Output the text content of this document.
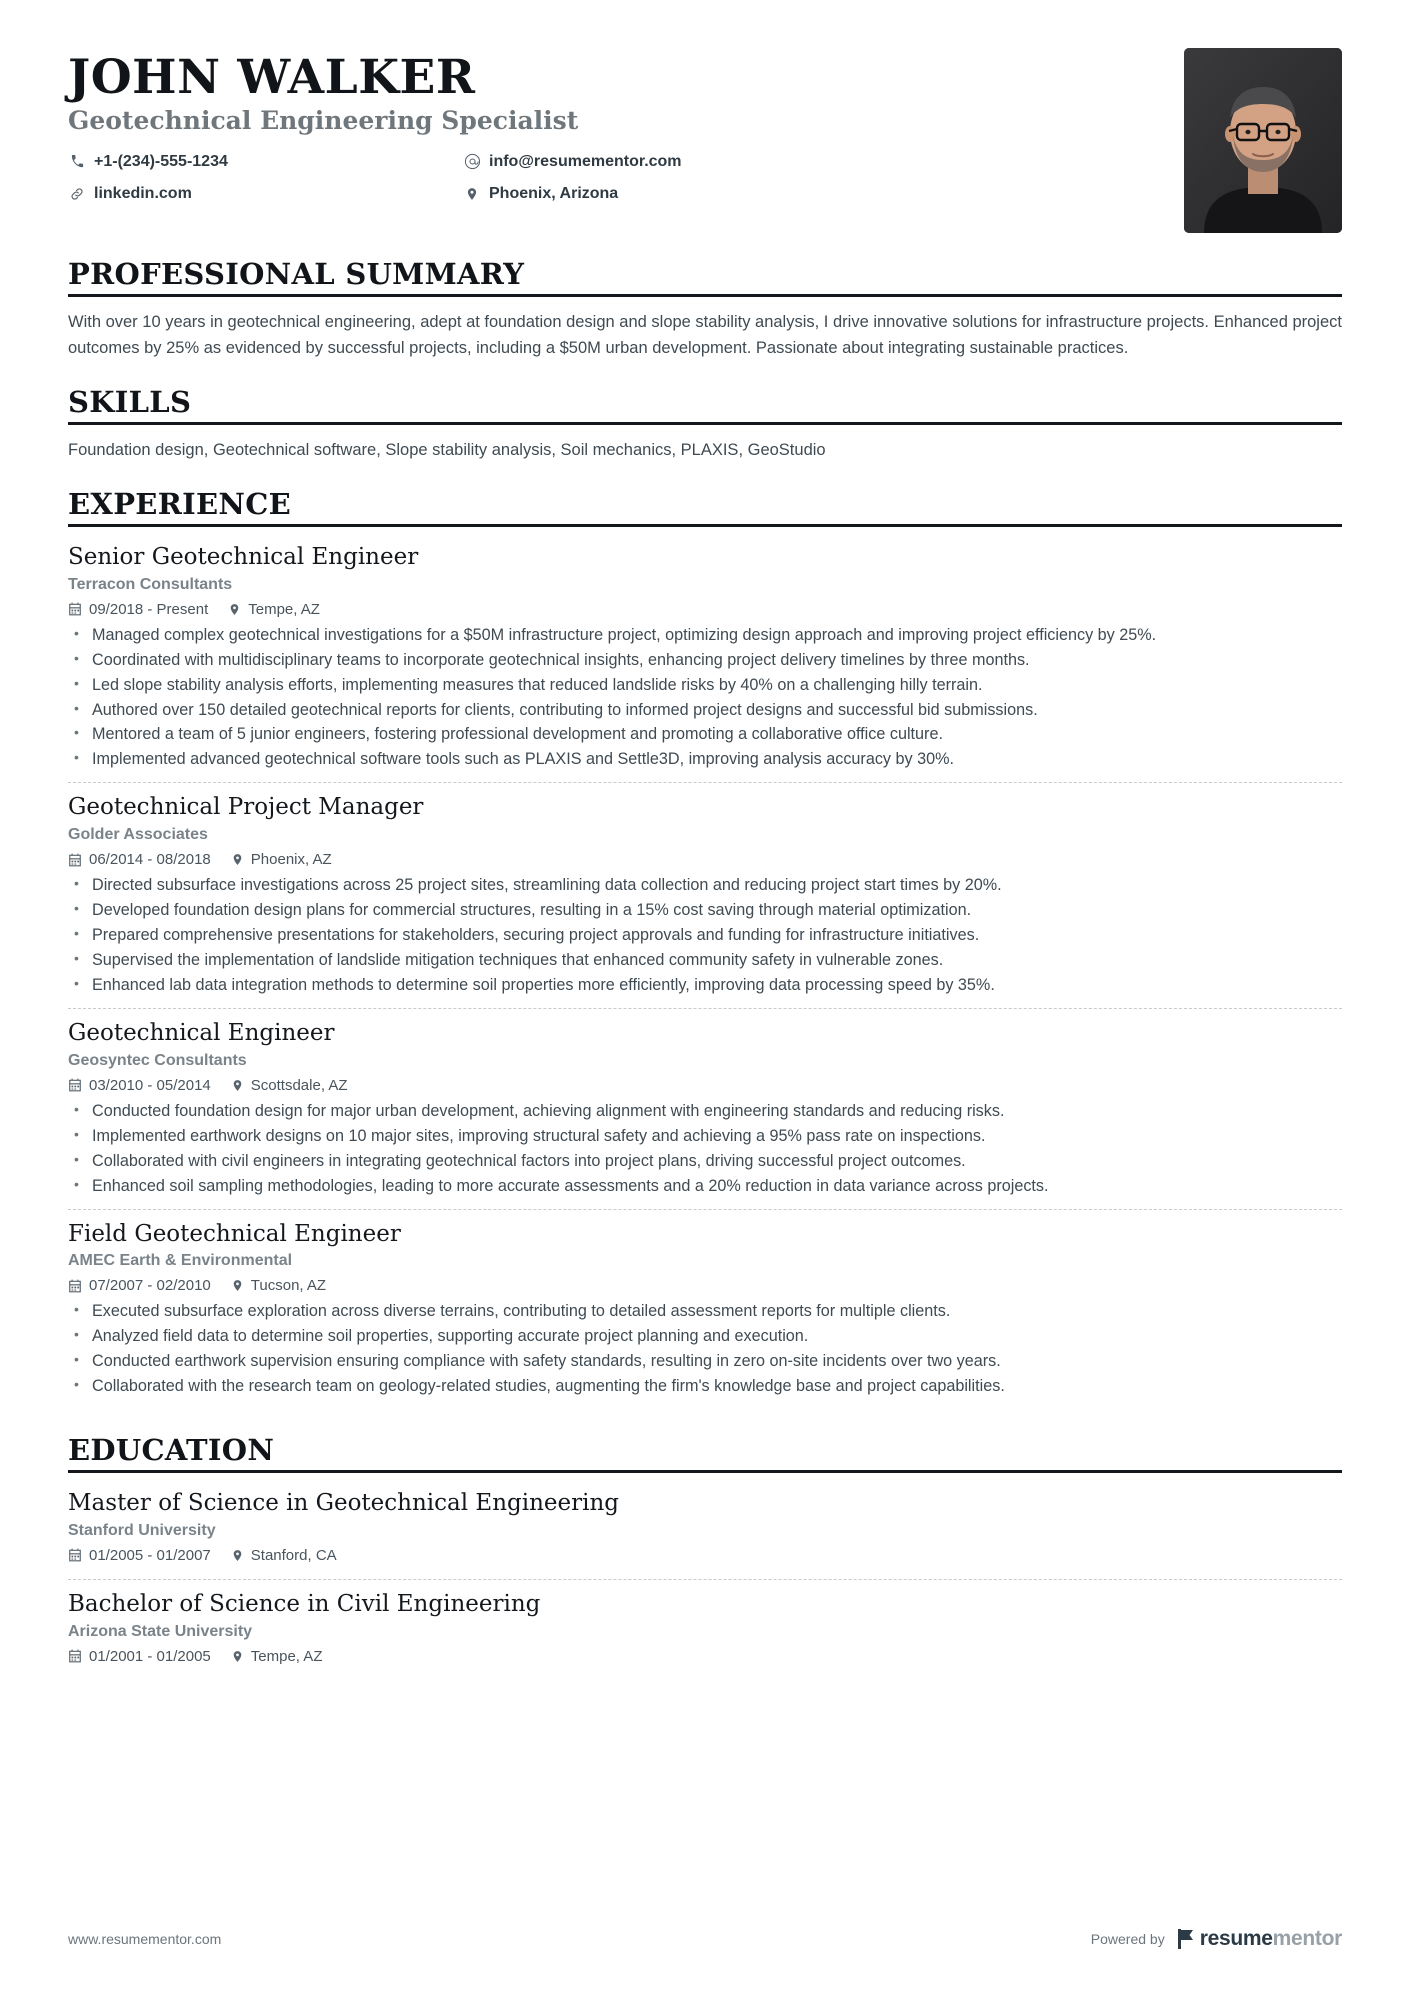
JOHN WALKER
Geotechnical Engineering Specialist
+1-(234)-555-1234	info@resumementor.com
linkedin.com	Phoenix, Arizona
PROFESSIONAL SUMMARY

With over 10 years in geotechnical engineering, adept at foundation design and slope stability analysis, I drive innovative solutions for infrastructure projects. Enhanced project outcomes by 25% as evidenced by successful projects, including a $50M urban development. Passionate about integrating sustainable practices.

SKILLS

Foundation design, Geotechnical software, Slope stability analysis, Soil mechanics, PLAXIS, GeoStudio

EXPERIENCE
Senior Geotechnical Engineer
Terracon Consultants
09/2018 - Present	Tempe, AZ
• Managed complex geotechnical investigations for a $50M infrastructure project, optimizing design approach and improving project efficiency by 25%.
• Coordinated with multidisciplinary teams to incorporate geotechnical insights, enhancing project delivery timelines by three months.
• Led slope stability analysis efforts, implementing measures that reduced landslide risks by 40% on a challenging hilly terrain.
• Authored over 150 detailed geotechnical reports for clients, contributing to informed project designs and successful bid submissions.
• Mentored a team of 5 junior engineers, fostering professional development and promoting a collaborative office culture.
• Implemented advanced geotechnical software tools such as PLAXIS and Settle3D, improving analysis accuracy by 30%.
Geotechnical Project Manager
Golder Associates
06/2014 - 08/2018	Phoenix, AZ
• Directed subsurface investigations across 25 project sites, streamlining data collection and reducing project start times by 20%.
• Developed foundation design plans for commercial structures, resulting in a 15% cost saving through material optimization.
• Prepared comprehensive presentations for stakeholders, securing project approvals and funding for infrastructure initiatives.
• Supervised the implementation of landslide mitigation techniques that enhanced community safety in vulnerable zones.
• Enhanced lab data integration methods to determine soil properties more efficiently, improving data processing speed by 35%.
Geotechnical Engineer
Geosyntec Consultants
03/2010 - 05/2014	Scottsdale, AZ
• Conducted foundation design for major urban development, achieving alignment with engineering standards and reducing risks.
• Implemented earthwork designs on 10 major sites, improving structural safety and achieving a 95% pass rate on inspections.
• Collaborated with civil engineers in integrating geotechnical factors into project plans, driving successful project outcomes.
• Enhanced soil sampling methodologies, leading to more accurate assessments and a 20% reduction in data variance across projects.
Field Geotechnical Engineer
AMEC Earth & Environmental
07/2007 - 02/2010	Tucson, AZ
• Executed subsurface exploration across diverse terrains, contributing to detailed assessment reports for multiple clients.
• Analyzed field data to determine soil properties, supporting accurate project planning and execution.
• Conducted earthwork supervision ensuring compliance with safety standards, resulting in zero on-site incidents over two years.
• Collaborated with the research team on geology-related studies, augmenting the firm's knowledge base and project capabilities.
EDUCATION
Master of Science in Geotechnical Engineering
Stanford University
01/2005 - 01/2007	Stanford, CA
Bachelor of Science in Civil Engineering
Arizona State University
01/2001 - 01/2005	Tempe, AZ
www.resumementor.com	Powered by resumementor
